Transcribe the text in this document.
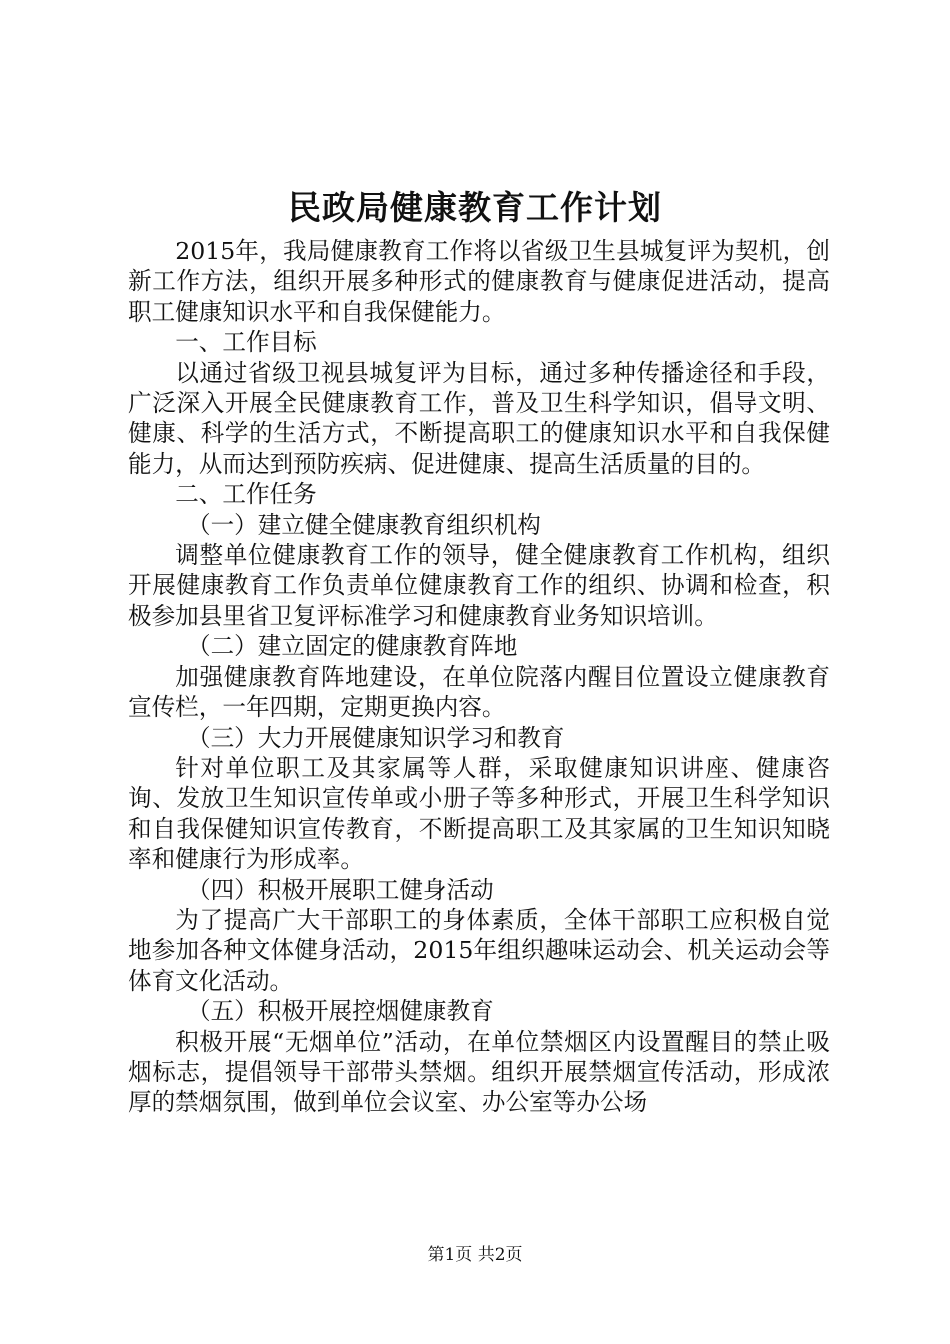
民政局健康教育工作计划

2015年，我局健康教育工作将以省级卫生县城复评为契机，创新工作方法，组织开展多种形式的健康教育与健康促进活动，提高职工健康知识水平和自我保健能力。

一、工作目标

以通过省级卫视县城复评为目标，通过多种传播途径和手段，广泛深入开展全民健康教育工作，普及卫生科学知识，倡导文明、健康、科学的生活方式，不断提高职工的健康知识水平和自我保健能力，从而达到预防疾病、促进健康、提高生活质量的目的。

二、工作任务

（一）建立健全健康教育组织机构

调整单位健康教育工作的领导，健全健康教育工作机构，组织开展健康教育工作负责单位健康教育工作的组织、协调和检查，积极参加县里省卫复评标准学习和健康教育业务知识培训。

（二）建立固定的健康教育阵地

加强健康教育阵地建设，在单位院落内醒目位置设立健康教育宣传栏，一年四期，定期更换内容。

（三）大力开展健康知识学习和教育

针对单位职工及其家属等人群，采取健康知识讲座、健康咨询、发放卫生知识宣传单或小册子等多种形式，开展卫生科学知识和自我保健知识宣传教育，不断提高职工及其家属的卫生知识知晓率和健康行为形成率。

（四）积极开展职工健身活动

为了提高广大干部职工的身体素质，全体干部职工应积极自觉地参加各种文体健身活动，2015年组织趣味运动会、机关运动会等体育文化活动。

（五）积极开展控烟健康教育

积极开展“无烟单位”活动，在单位禁烟区内设置醒目的禁止吸烟标志，提倡领导干部带头禁烟。组织开展禁烟宣传活动，形成浓厚的禁烟氛围，做到单位会议室、办公室等办公场

第1页 共2页
